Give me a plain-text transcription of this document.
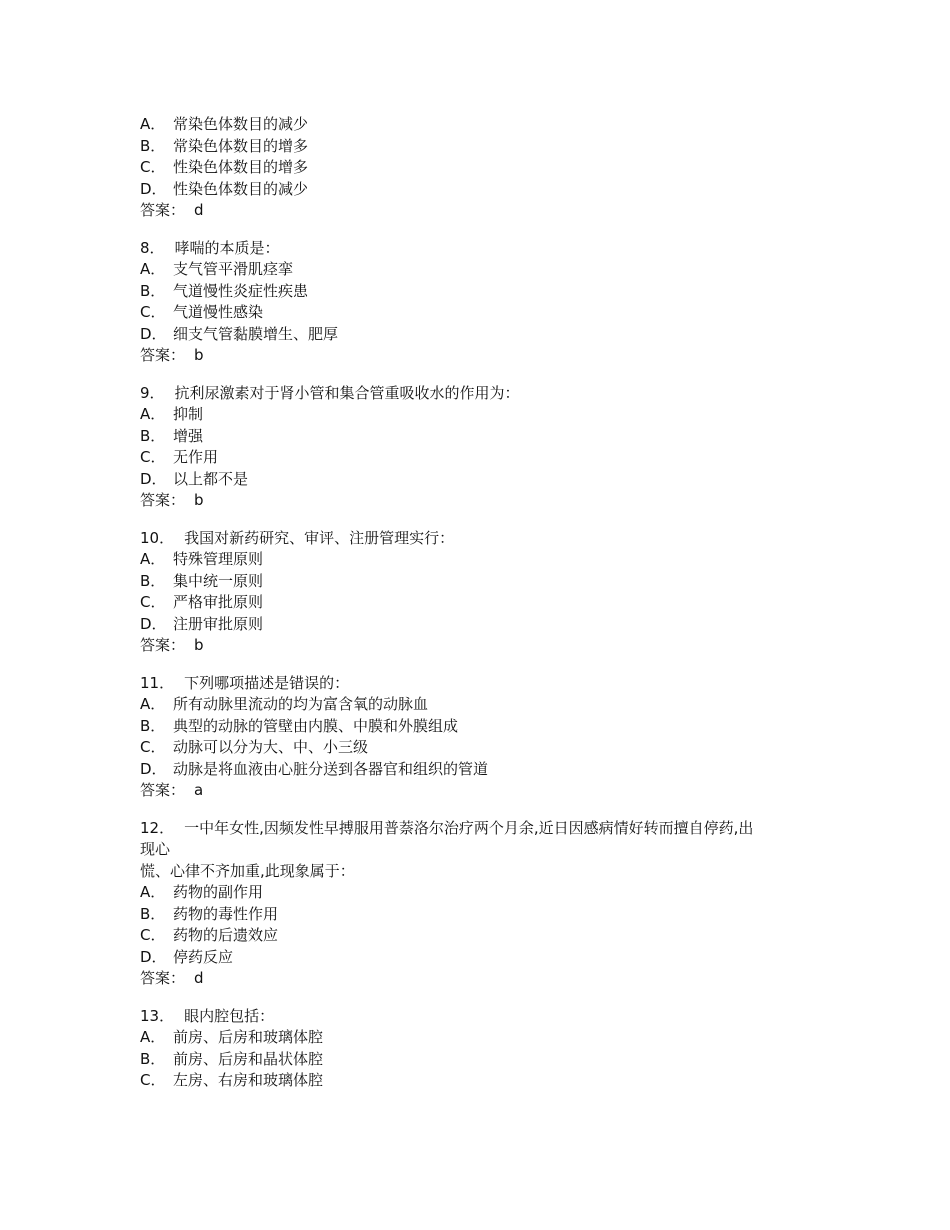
A． 常染色体数目的减少
B． 常染色体数目的增多
C． 性染色体数目的增多
D． 性染色体数目的减少
答案： d
8． 哮喘的本质是：
A． 支气管平滑肌痉挛
B． 气道慢性炎症性疾患
C． 气道慢性感染
D． 细支气管黏膜增生、肥厚
答案： b
9． 抗利尿激素对于肾小管和集合管重吸收水的作用为：
A． 抑制
B． 增强
C． 无作用
D． 以上都不是
答案： b
10． 我国对新药研究、审评、注册管理实行：
A． 特殊管理原则
B． 集中统一原则
C． 严格审批原则
D． 注册审批原则
答案： b
11． 下列哪项描述是错误的：
A． 所有动脉里流动的均为富含氧的动脉血
B． 典型的动脉的管壁由内膜、中膜和外膜组成
C． 动脉可以分为大、中、小三级
D． 动脉是将血液由心脏分送到各器官和组织的管道
答案： a
12． 一中年女性,因频发性早搏服用普萘洛尔治疗两个月余,近日因感病情好转而擅自停药,出
现心
慌、心律不齐加重,此现象属于：
A． 药物的副作用
B． 药物的毒性作用
C． 药物的后遗效应
D． 停药反应
答案： d
13． 眼内腔包括：
A． 前房、后房和玻璃体腔
B． 前房、后房和晶状体腔
C． 左房、右房和玻璃体腔
